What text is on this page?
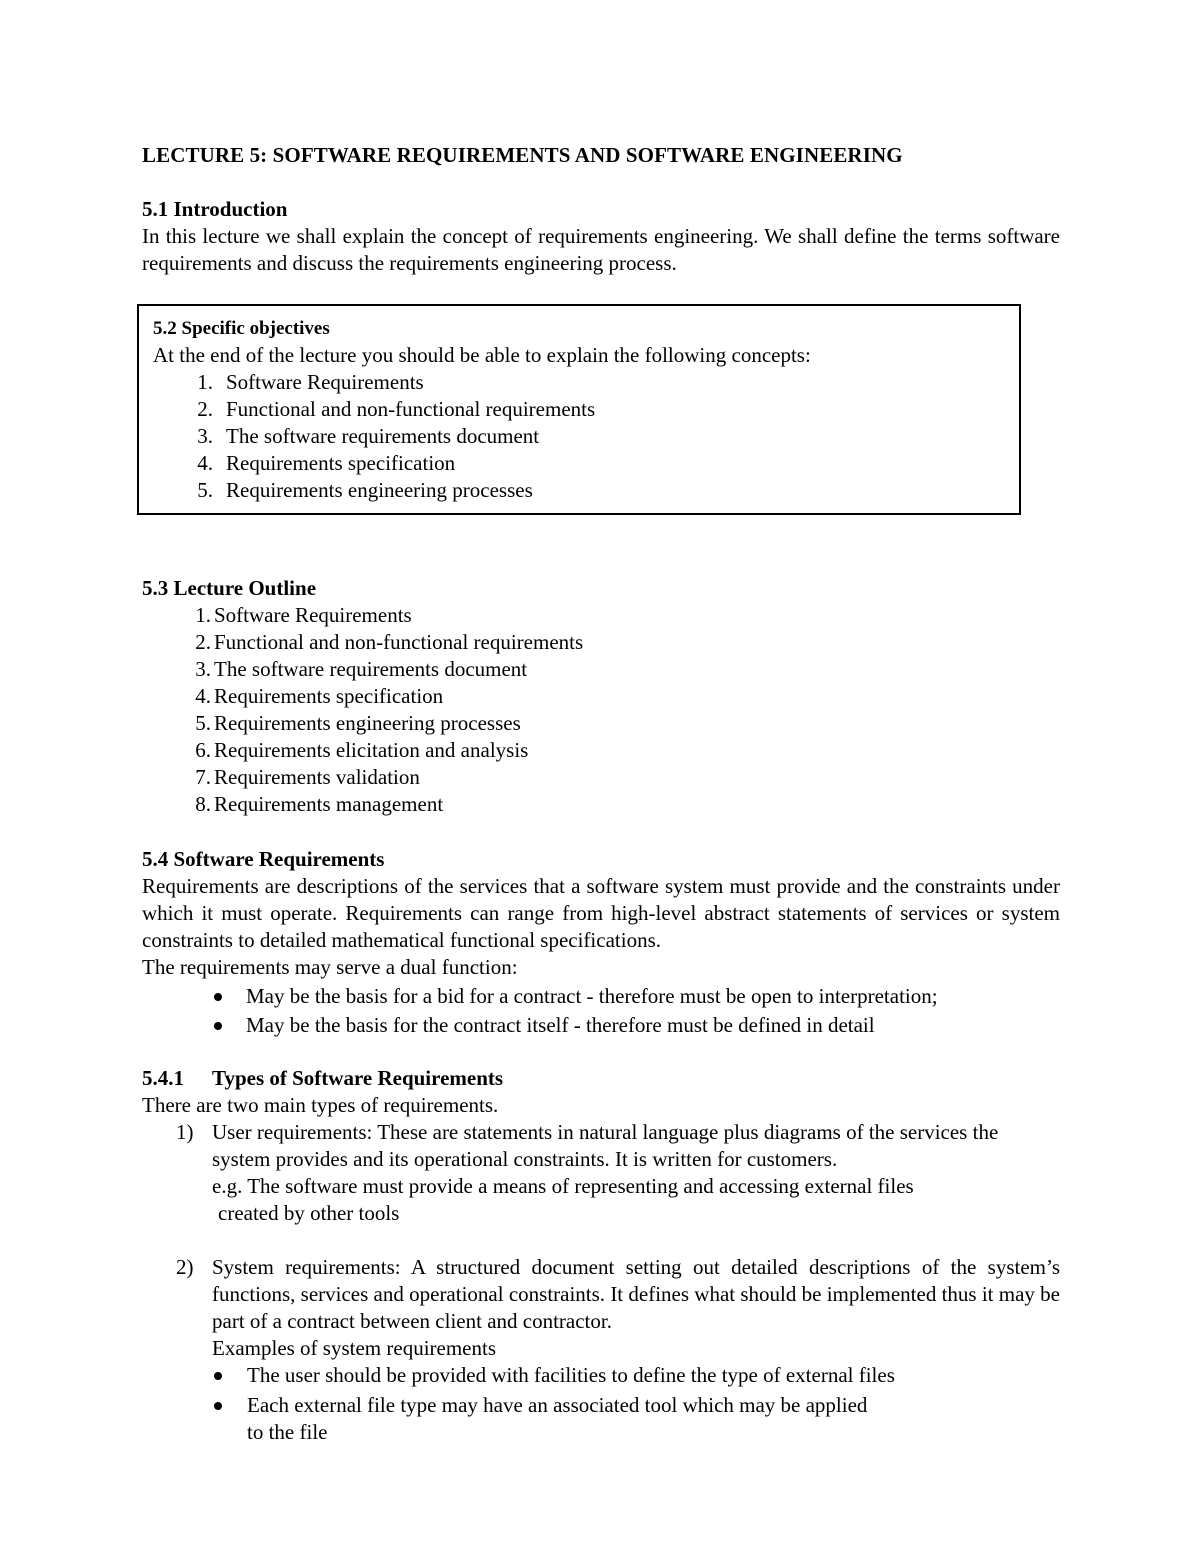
LECTURE 5: SOFTWARE REQUIREMENTS AND SOFTWARE ENGINEERING
5.1 Introduction
In this lecture we shall explain the concept of requirements engineering. We shall define the terms software requirements and discuss the requirements engineering process.
5.2 Specific objectives
At the end of the lecture you should be able to explain the following concepts:
1. Software Requirements
2. Functional and non-functional requirements
3. The software requirements document
4. Requirements specification
5. Requirements engineering processes
5.3 Lecture Outline
1. Software Requirements
2. Functional and non-functional requirements
3. The software requirements document
4. Requirements specification
5. Requirements engineering processes
6. Requirements elicitation and analysis
7. Requirements validation
8. Requirements management
5.4 Software Requirements
Requirements are descriptions of the services that a software system must provide and the constraints under which it must operate. Requirements can range from high-level abstract statements of services or system constraints to detailed mathematical functional specifications.
The requirements may serve a dual function:
May be the basis for a bid for a contract - therefore must be open to interpretation;
May be the basis for the contract itself - therefore must be defined in detail
5.4.1 Types of Software Requirements
There are two main types of requirements.
1) User requirements: These are statements in natural language plus diagrams of the services the system provides and its operational constraints. It is written for customers.
e.g. The software must provide a means of representing and accessing external files
created by other tools
2) System requirements: A structured document setting out detailed descriptions of the system’s functions, services and operational constraints. It defines what should be implemented thus it may be part of a contract between client and contractor.
Examples of system requirements
The user should be provided with facilities to define the type of external files
Each external file type may have an associated tool which may be applied
to the file
